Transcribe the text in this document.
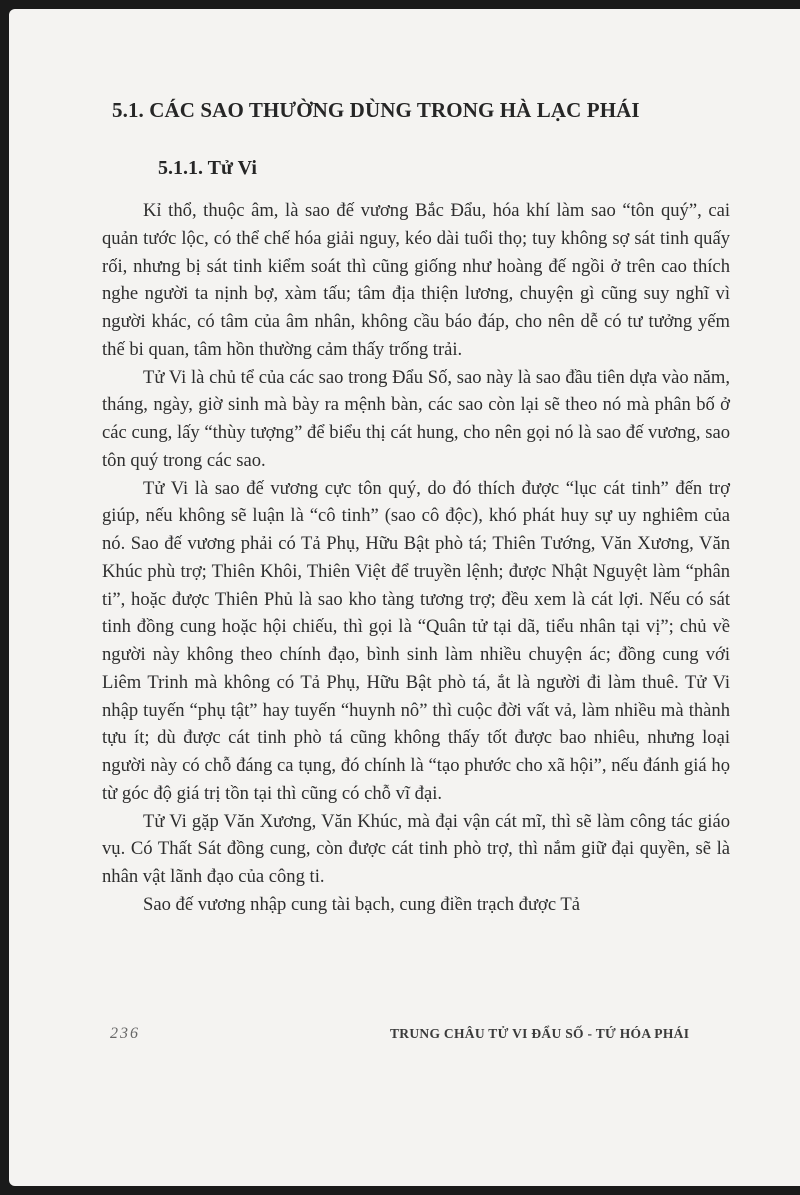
5.1. CÁC SAO THƯỜNG DÙNG TRONG HÀ LẠC PHÁI
5.1.1. Tử Vi

Kỉ thổ, thuộc âm, là sao đế vương Bắc Đẩu, hóa khí làm sao “tôn quý”, cai quản tước lộc, có thể chế hóa giải nguy, kéo dài tuổi thọ; tuy không sợ sát tinh quấy rối, nhưng bị sát tinh kiểm soát thì cũng giống như hoàng đế ngồi ở trên cao thích nghe người ta nịnh bợ, xàm tấu; tâm địa thiện lương, chuyện gì cũng suy nghĩ vì người khác, có tâm của âm nhân, không cầu báo đáp, cho nên dễ có tư tưởng yếm thế bi quan, tâm hồn thường cảm thấy trống trải.

Tử Vi là chủ tể của các sao trong Đẩu Số, sao này là sao đầu tiên dựa vào năm, tháng, ngày, giờ sinh mà bày ra mệnh bàn, các sao còn lại sẽ theo nó mà phân bố ở các cung, lấy “thùy tượng” để biểu thị cát hung, cho nên gọi nó là sao đế vương, sao tôn quý trong các sao.

Tử Vi là sao đế vương cực tôn quý, do đó thích được “lục cát tinh” đến trợ giúp, nếu không sẽ luận là “cô tinh” (sao cô độc), khó phát huy sự uy nghiêm của nó. Sao đế vương phải có Tả Phụ, Hữu Bật phò tá; Thiên Tướng, Văn Xương, Văn Khúc phù trợ; Thiên Khôi, Thiên Việt để truyền lệnh; được Nhật Nguyệt làm “phân ti”, hoặc được Thiên Phủ là sao kho tàng tương trợ; đều xem là cát lợi. Nếu có sát tinh đồng cung hoặc hội chiếu, thì gọi là “Quân tử tại dã, tiểu nhân tại vị”; chủ về người này không theo chính đạo, bình sinh làm nhiều chuyện ác; đồng cung với Liêm Trinh mà không có Tả Phụ, Hữu Bật phò tá, ắt là người đi làm thuê. Tử Vi nhập tuyến “phụ tật” hay tuyến “huynh nô” thì cuộc đời vất vả, làm nhiều mà thành tựu ít; dù được cát tinh phò tá cũng không thấy tốt được bao nhiêu, nhưng loại người này có chỗ đáng ca tụng, đó chính là “tạo phước cho xã hội”, nếu đánh giá họ từ góc độ giá trị tồn tại thì cũng có chỗ vĩ đại.

Tử Vi gặp Văn Xương, Văn Khúc, mà đại vận cát mĩ, thì sẽ làm công tác giáo vụ. Có Thất Sát đồng cung, còn được cát tinh phò trợ, thì nắm giữ đại quyền, sẽ là nhân vật lãnh đạo của công ti.

Sao đế vương nhập cung tài bạch, cung điền trạch được Tả

236	TRUNG CHÂU TỬ VI ĐẨU SỐ - TỨ HÓA PHÁI
